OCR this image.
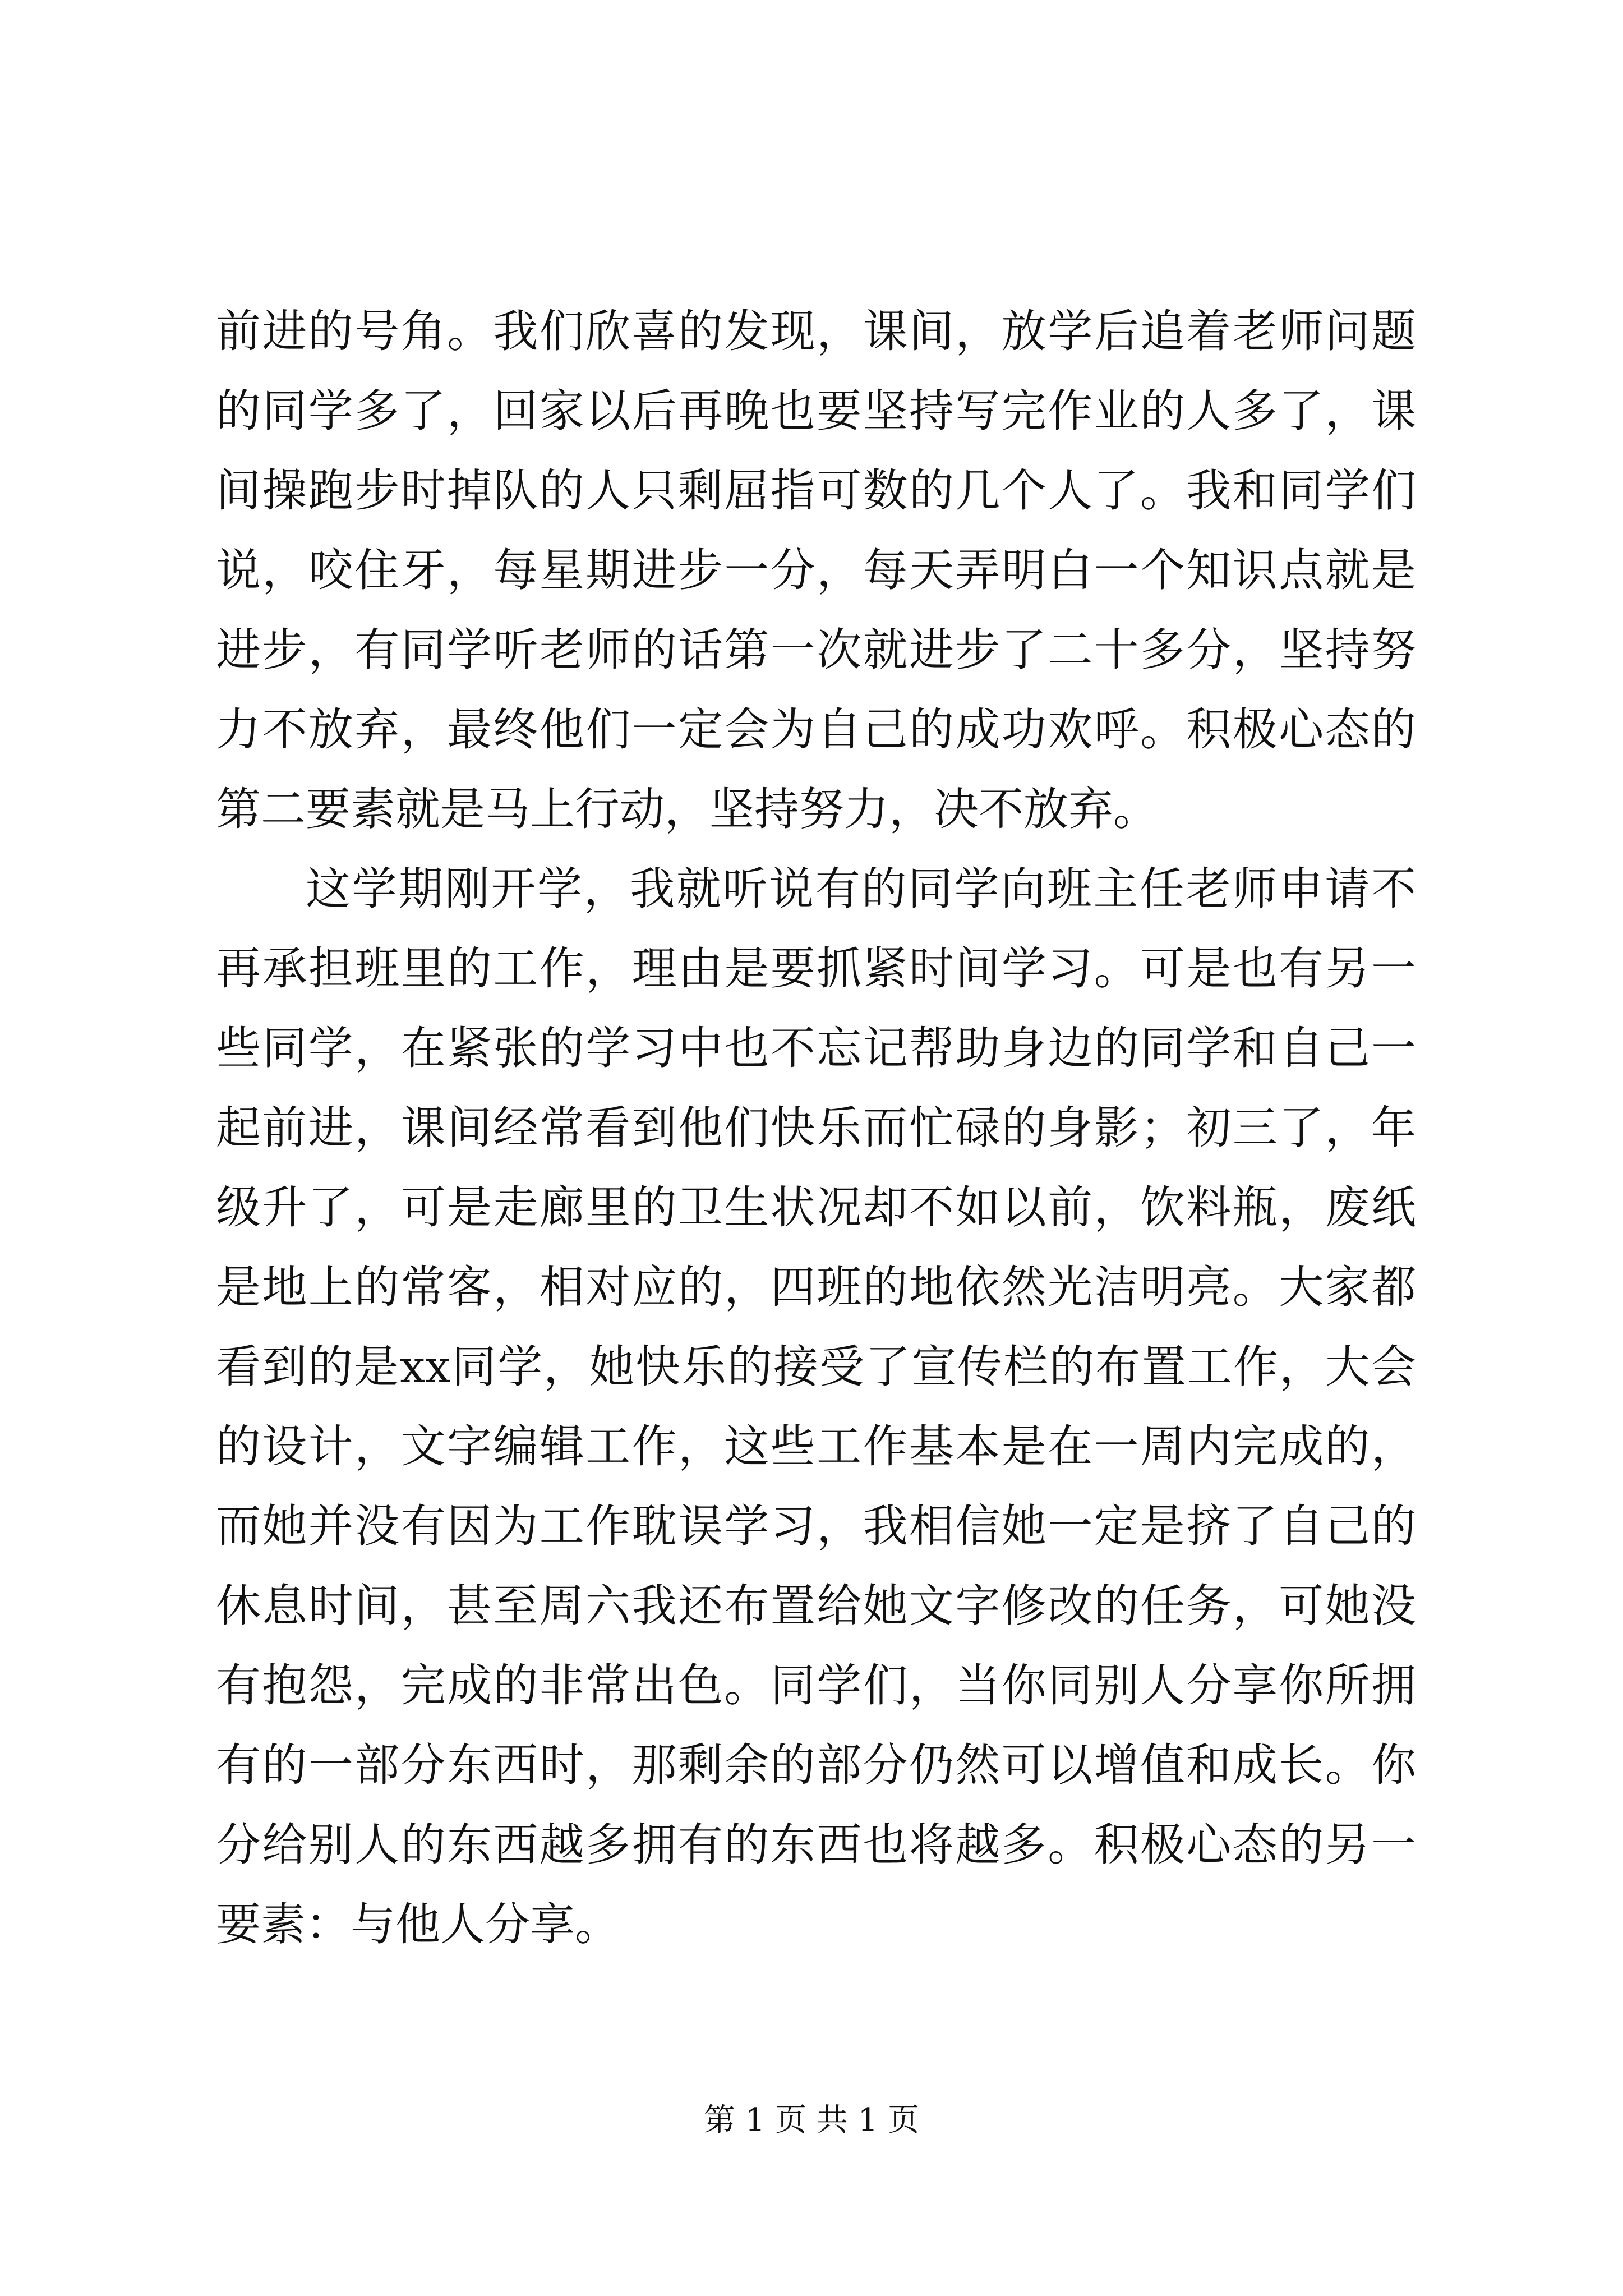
前进的号角。我们欣喜的发现，课间，放学后追着老师问题的同学多了，回家以后再晚也要坚持写完作业的人多了，课间操跑步时掉队的人只剩屈指可数的几个人了。我和同学们说，咬住牙，每星期进步一分，每天弄明白一个知识点就是进步，有同学听老师的话第一次就进步了二十多分，坚持努力不放弃，最终他们一定会为自己的成功欢呼。积极心态的第二要素就是马上行动，坚持努力，决不放弃。

这学期刚开学，我就听说有的同学向班主任老师申请不再承担班里的工作，理由是要抓紧时间学习。可是也有另一些同学，在紧张的学习中也不忘记帮助身边的同学和自己一起前进，课间经常看到他们快乐而忙碌的身影；初三了，年级升了，可是走廊里的卫生状况却不如以前，饮料瓶，废纸是地上的常客，相对应的，四班的地依然光洁明亮。大家都看到的是xx同学，她快乐的接受了宣传栏的布置工作，大会的设计，文字编辑工作，这些工作基本是在一周内完成的，而她并没有因为工作耽误学习，我相信她一定是挤了自己的休息时间，甚至周六我还布置给她文字修改的任务，可她没有抱怨，完成的非常出色。同学们，当你同别人分享你所拥有的一部分东西时，那剩余的部分仍然可以增值和成长。你分给别人的东西越多拥有的东西也将越多。积极心态的另一要素：与他人分享。

第 1 页 共 1 页
